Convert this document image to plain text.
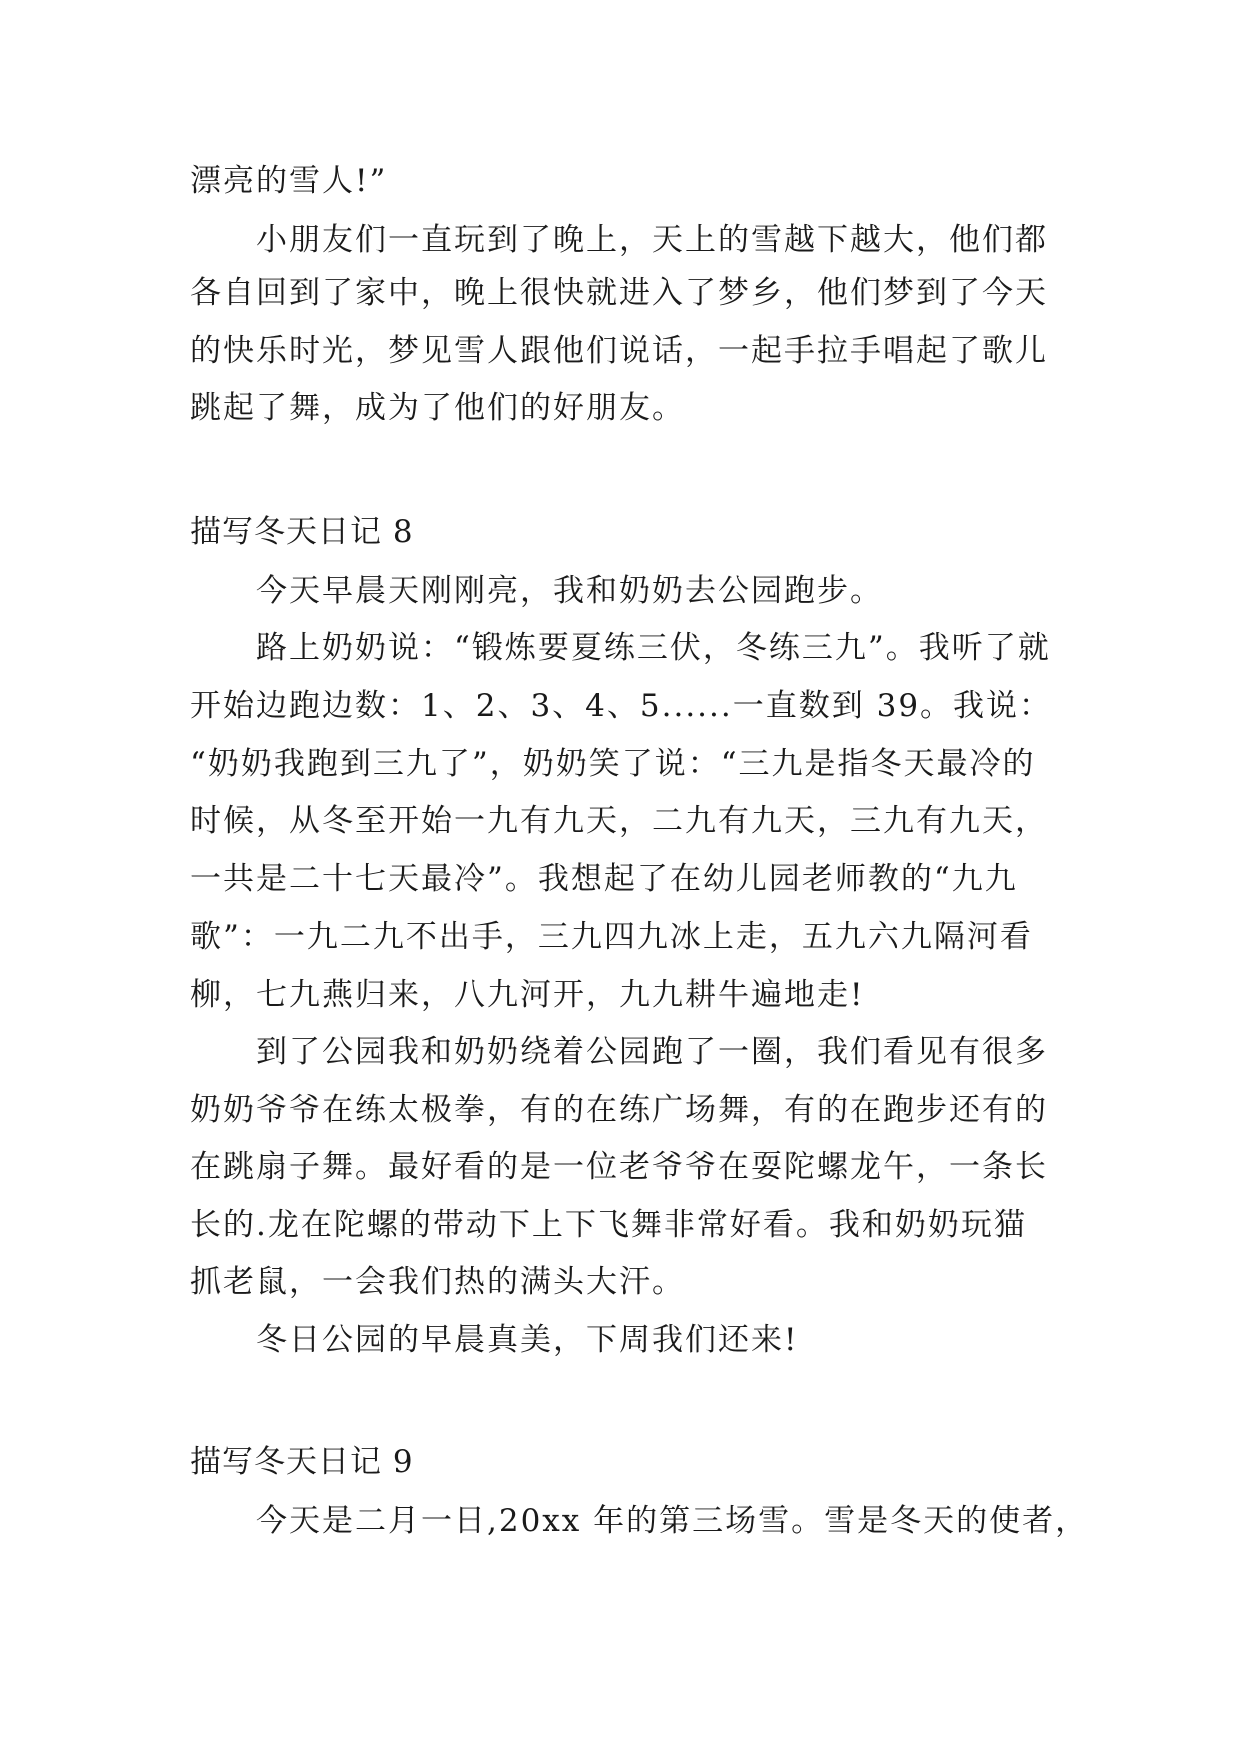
漂亮的雪人!”
小朋友们一直玩到了晚上，天上的雪越下越大，他们都
各自回到了家中，晚上很快就进入了梦乡，他们梦到了今天
的快乐时光，梦见雪人跟他们说话，一起手拉手唱起了歌儿
跳起了舞，成为了他们的好朋友。
描写冬天日记 8
今天早晨天刚刚亮，我和奶奶去公园跑步。
路上奶奶说：“锻炼要夏练三伏，冬练三九”。我听了就
开始边跑边数：1、2、3、4、5......一直数到 39。我说：
“奶奶我跑到三九了”，奶奶笑了说：“三九是指冬天最冷的
时候，从冬至开始一九有九天，二九有九天，三九有九天，
一共是二十七天最冷”。我想起了在幼儿园老师教的“九九
歌”：一九二九不出手，三九四九冰上走，五九六九隔河看
柳，七九燕归来，八九河开，九九耕牛遍地走!
到了公园我和奶奶绕着公园跑了一圈，我们看见有很多
奶奶爷爷在练太极拳，有的在练广场舞，有的在跑步还有的
在跳扇子舞。最好看的是一位老爷爷在耍陀螺龙午，一条长
长的.龙在陀螺的带动下上下飞舞非常好看。我和奶奶玩猫
抓老鼠，一会我们热的满头大汗。
冬日公园的早晨真美，下周我们还来!
描写冬天日记 9
今天是二月一日,20xx 年的第三场雪。雪是冬天的使者，
